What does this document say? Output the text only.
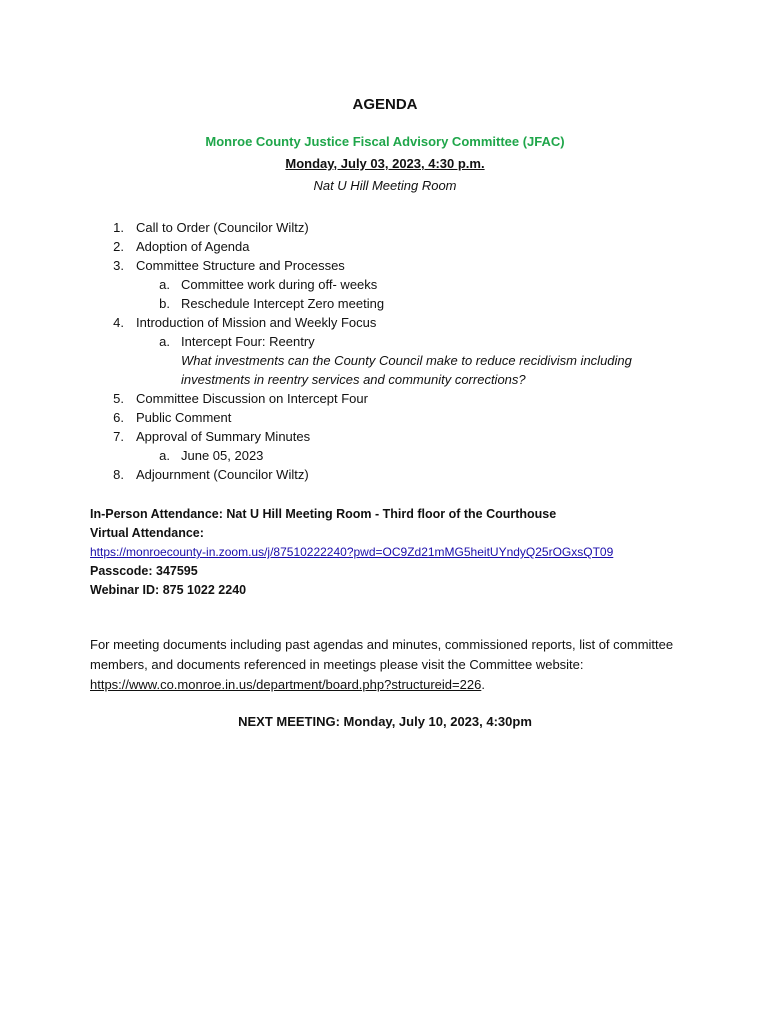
AGENDA
Monroe County Justice Fiscal Advisory Committee (JFAC)
Monday, July 03, 2023, 4:30 p.m.
Nat U Hill Meeting Room
1. Call to Order (Councilor Wiltz)
2. Adoption of Agenda
3. Committee Structure and Processes
a. Committee work during off- weeks
b. Reschedule Intercept Zero meeting
4. Introduction of Mission and Weekly Focus
a. Intercept Four: Reentry
What investments can the County Council make to reduce recidivism including
investments in reentry services and community corrections?
5. Committee Discussion on Intercept Four
6. Public Comment
7. Approval of Summary Minutes
a. June 05, 2023
8. Adjournment (Councilor Wiltz)
In-Person Attendance: Nat U Hill Meeting Room - Third floor of the Courthouse
Virtual Attendance:
https://monroecounty-in.zoom.us/j/87510222240?pwd=OC9Zd21mMG5heitUYndyQ25rOGxsQT09
Passcode: 347595
Webinar ID: 875 1022 2240
For meeting documents including past agendas and minutes, commissioned reports, list of committee members, and documents referenced in meetings please visit the Committee website: https://www.co.monroe.in.us/department/board.php?structureid=226.
NEXT MEETING: Monday, July 10, 2023, 4:30pm
